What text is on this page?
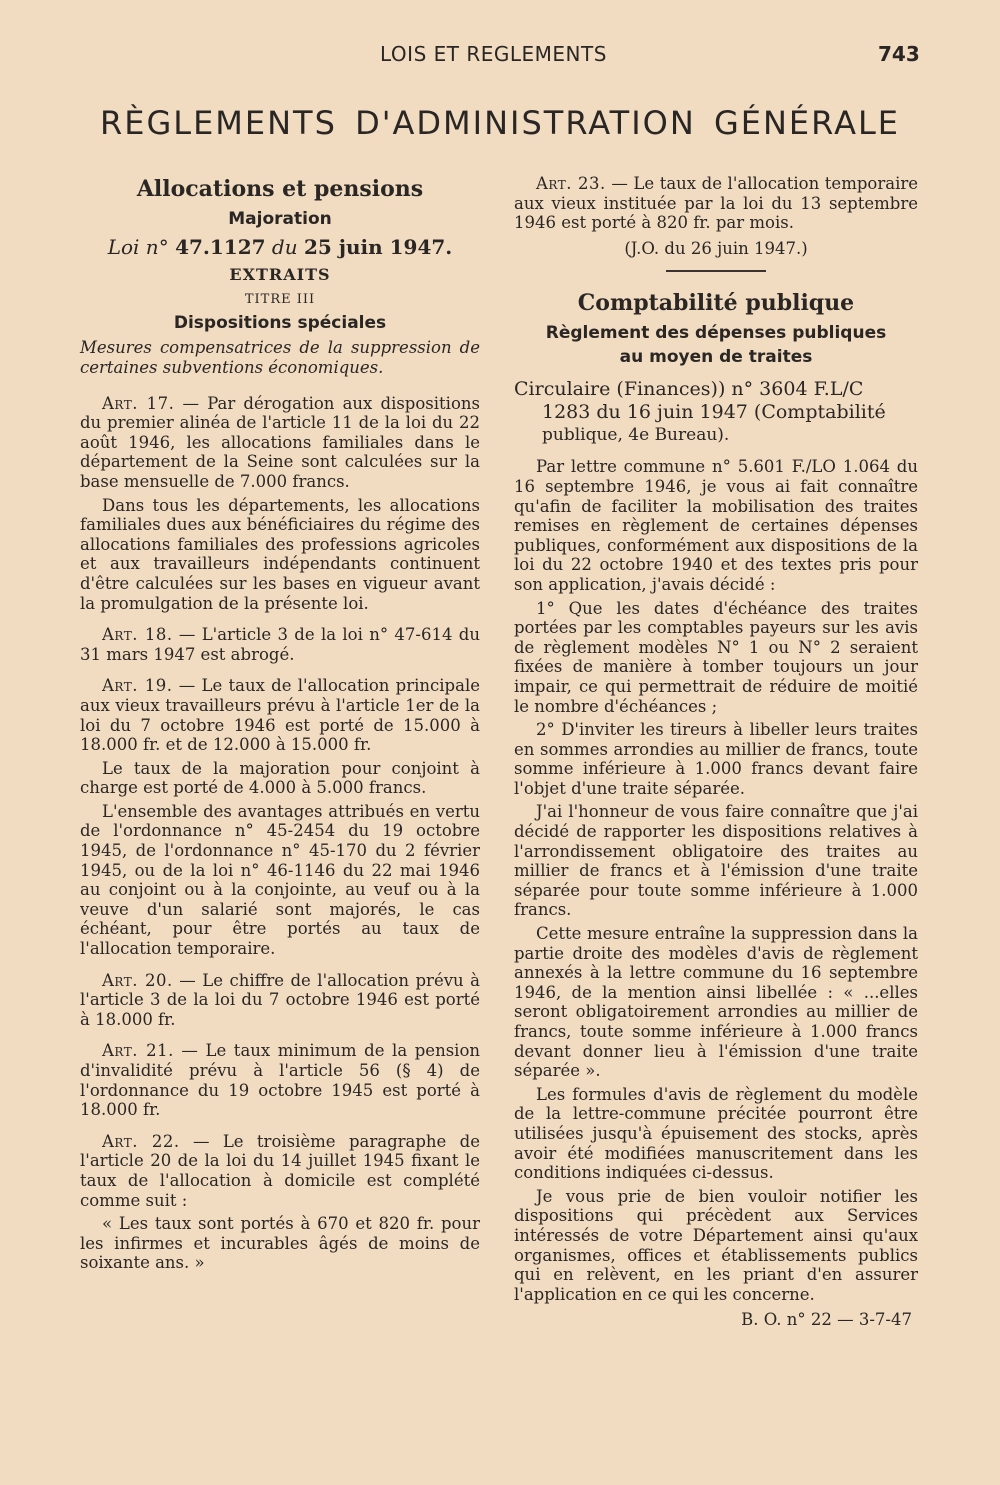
LOIS ET REGLEMENTS	743
RÈGLEMENTS D'ADMINISTRATION GÉNÉRALE
Allocations et pensions
Majoration
Loi n° 47.1127 du 25 juin 1947.
EXTRAITS
TITRE III
Dispositions spéciales
Mesures compensatrices de la suppression de certaines subventions économiques.

Art. 17. — Par dérogation aux dispositions du premier alinéa de l'article 11 de la loi du 22 août 1946, les allocations familiales dans le département de la Seine sont calculées sur la base mensuelle de 7.000 francs.

Dans tous les départements, les allocations familiales dues aux bénéficiaires du régime des allocations familiales des professions agricoles et aux travailleurs indépendants continuent d'être calculées sur les bases en vigueur avant la promulgation de la présente loi.

Art. 18. — L'article 3 de la loi n° 47-614 du 31 mars 1947 est abrogé.

Art. 19. — Le taux de l'allocation principale aux vieux travailleurs prévu à l'article 1er de la loi du 7 octobre 1946 est porté de 15.000 à 18.000 fr. et de 12.000 à 15.000 fr.

Le taux de la majoration pour conjoint à charge est porté de 4.000 à 5.000 francs.

L'ensemble des avantages attribués en vertu de l'ordonnance n° 45-2454 du 19 octobre 1945, de l'ordonnance n° 45-170 du 2 février 1945, ou de la loi n° 46-1146 du 22 mai 1946 au conjoint ou à la conjointe, au veuf ou à la veuve d'un salarié sont majorés, le cas échéant, pour être portés au taux de l'allocation temporaire.

Art. 20. — Le chiffre de l'allocation prévu à l'article 3 de la loi du 7 octobre 1946 est porté à 18.000 fr.

Art. 21. — Le taux minimum de la pension d'invalidité prévu à l'article 56 (§ 4) de l'ordonnance du 19 octobre 1945 est porté à 18.000 fr.

Art. 22. — Le troisième paragraphe de l'article 20 de la loi du 14 juillet 1945 fixant le taux de l'allocation à domicile est complété comme suit :

« Les taux sont portés à 670 et 820 fr. pour les infirmes et incurables âgés de moins de soixante ans. »

Art. 23. — Le taux de l'allocation temporaire aux vieux instituée par la loi du 13 septembre 1946 est porté à 820 fr. par mois.

(J.O. du 26 juin 1947.)
Comptabilité publique
Règlement des dépenses publiques
au moyen de traites
Circulaire (Finances)) n° 3604 F.L/C
1283 du 16 juin 1947 (Comptabilité
publique, 4e Bureau).

Par lettre commune n° 5.601 F./LO 1.064 du 16 septembre 1946, je vous ai fait connaître qu'afin de faciliter la mobilisation des traites remises en règlement de certaines dépenses publiques, conformément aux dispositions de la loi du 22 octobre 1940 et des textes pris pour son application, j'avais décidé :

1° Que les dates d'échéance des traites portées par les comptables payeurs sur les avis de règlement modèles N° 1 ou N° 2 seraient fixées de manière à tomber toujours un jour impair, ce qui permettrait de réduire de moitié le nombre d'échéances ;

2° D'inviter les tireurs à libeller leurs traites en sommes arrondies au millier de francs, toute somme inférieure à 1.000 francs devant faire l'objet d'une traite séparée.

J'ai l'honneur de vous faire connaître que j'ai décidé de rapporter les dispositions relatives à l'arrondissement obligatoire des traites au millier de francs et à l'émission d'une traite séparée pour toute somme inférieure à 1.000 francs.

Cette mesure entraîne la suppression dans la partie droite des modèles d'avis de règlement annexés à la lettre commune du 16 septembre 1946, de la mention ainsi libellée : « ...elles seront obligatoirement arrondies au millier de francs, toute somme inférieure à 1.000 francs devant donner lieu à l'émission d'une traite séparée ».

Les formules d'avis de règlement du modèle de la lettre-commune précitée pourront être utilisées jusqu'à épuisement des stocks, après avoir été modifiées manuscritement dans les conditions indiquées ci-dessus.

Je vous prie de bien vouloir notifier les dispositions qui précèdent aux Services intéressés de votre Département ainsi qu'aux organismes, offices et établissements publics qui en relèvent, en les priant d'en assurer l'application en ce qui les concerne.

B. O. n° 22 — 3-7-47
